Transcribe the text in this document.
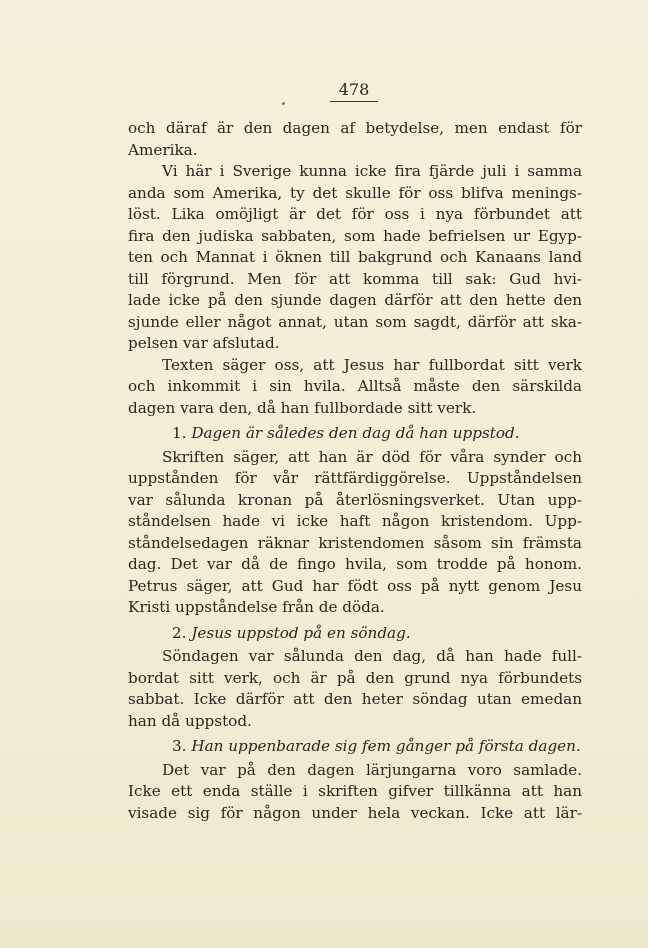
478
och däraf är den dagen af betydelse, men endast för
Amerika.
Vi här i Sverige kunna icke fira fjärde juli i samma
anda som Amerika, ty det skulle för oss blifva menings-
löst. Lika omöjligt är det för oss i nya förbundet att
fira den judiska sabbaten, som hade befrielsen ur Egyp-
ten och Mannat i öknen till bakgrund och Kanaans land
till förgrund. Men för att komma till sak: Gud hvi-
lade icke på den sjunde dagen därför att den hette den
sjunde eller något annat, utan som sagdt, därför att ska-
pelsen var afslutad.
Texten säger oss, att Jesus har fullbordat sitt verk
och inkommit i sin hvila. Alltså måste den särskilda
dagen vara den, då han fullbordade sitt verk.
1. Dagen är således den dag då han uppstod.
Skriften säger, att han är död för våra synder och
uppstånden för vår rättfärdiggörelse. Uppståndelsen
var sålunda kronan på återlösningsverket. Utan upp-
ståndelsen hade vi icke haft någon kristendom. Upp-
ståndelsedagen räknar kristendomen såsom sin främsta
dag. Det var då de fingo hvila, som trodde på honom.
Petrus säger, att Gud har födt oss på nytt genom Jesu
Kristi uppståndelse från de döda.
2. Jesus uppstod på en söndag.
Söndagen var sålunda den dag, då han hade full-
bordat sitt verk, och är på den grund nya förbundets
sabbat. Icke därför att den heter söndag utan emedan
han då uppstod.
3. Han uppenbarade sig fem gånger på första dagen.
Det var på den dagen lärjungarna voro samlade.
Icke ett enda ställe i skriften gifver tillkänna att han
visade sig för någon under hela veckan. Icke att lär-
